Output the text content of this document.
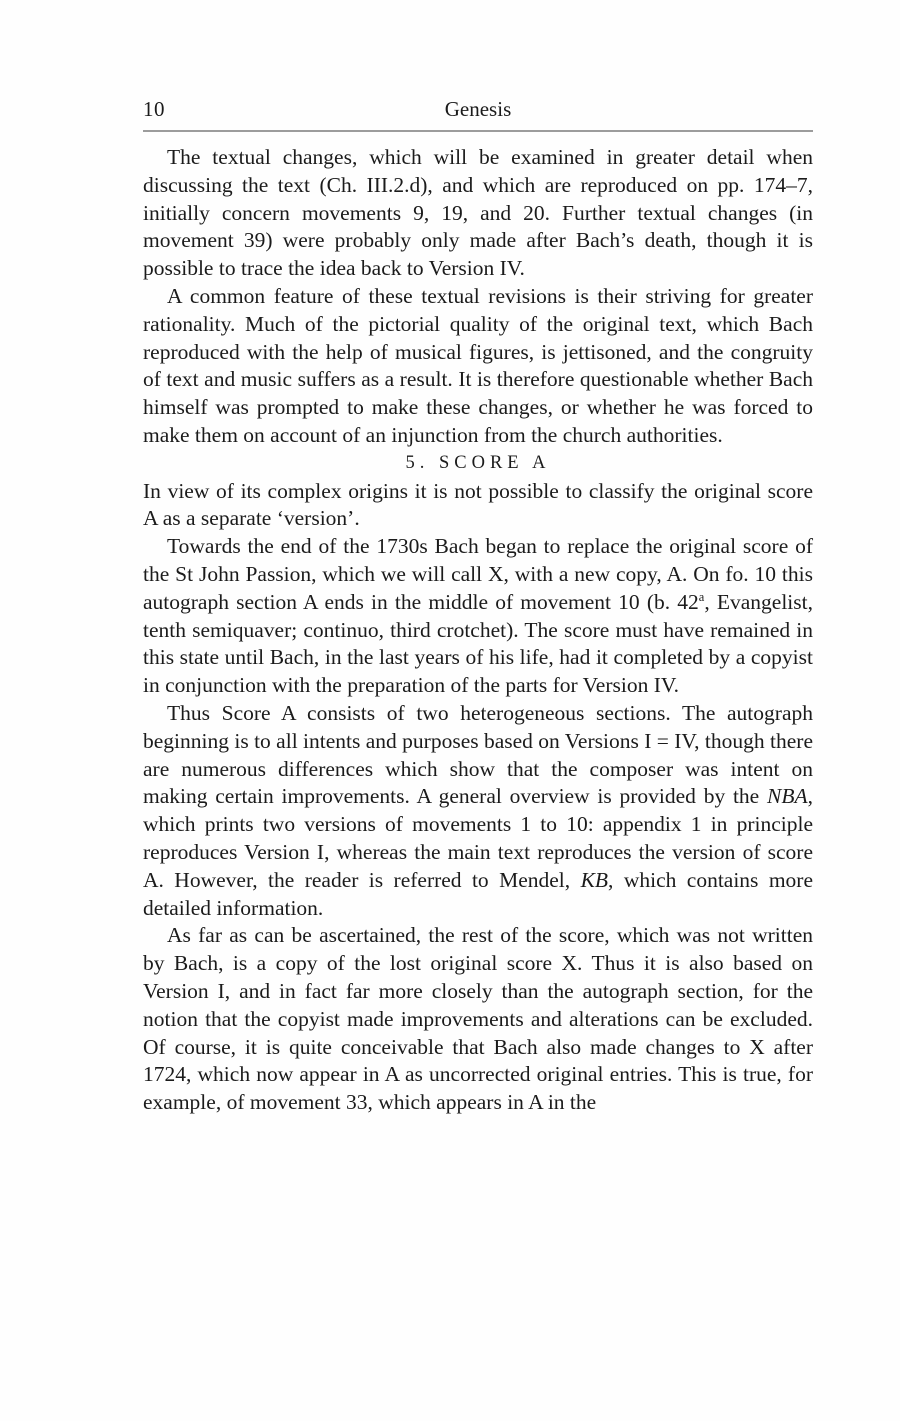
10	Genesis

The textual changes, which will be examined in greater detail when discussing the text (Ch. III.2.d), and which are reproduced on pp. 174–7, initially concern movements 9, 19, and 20. Further textual changes (in movement 39) were probably only made after Bach’s death, though it is possible to trace the idea back to Version IV.

A common feature of these textual revisions is their striving for greater rationality. Much of the pictorial quality of the original text, which Bach reproduced with the help of musical figures, is jettisoned, and the congruity of text and music suffers as a result. It is therefore questionable whether Bach himself was prompted to make these changes, or whether he was forced to make them on account of an injunction from the church authorities.

5. SCORE A

In view of its complex origins it is not possible to classify the original score A as a separate ‘version’.

Towards the end of the 1730s Bach began to replace the original score of the St John Passion, which we will call X, with a new copy, A. On fo. 10 this autograph section A ends in the middle of movement 10 (b. 42$^a$, Evangelist, tenth semiquaver; continuo, third crotchet). The score must have remained in this state until Bach, in the last years of his life, had it completed by a copyist in conjunction with the preparation of the parts for Version IV.

Thus Score A consists of two heterogeneous sections. The autograph beginning is to all intents and purposes based on Versions I = IV, though there are numerous differences which show that the composer was intent on making certain improvements. A general overview is provided by the NBA, which prints two versions of movements 1 to 10: appendix 1 in principle reproduces Version I, whereas the main text reproduces the version of score A. However, the reader is referred to Mendel, KB, which contains more detailed information.

As far as can be ascertained, the rest of the score, which was not written by Bach, is a copy of the lost original score X. Thus it is also based on Version I, and in fact far more closely than the autograph section, for the notion that the copyist made improvements and alterations can be excluded. Of course, it is quite conceivable that Bach also made changes to X after 1724, which now appear in A as uncorrected original entries. This is true, for example, of movement 33, which appears in A in the
